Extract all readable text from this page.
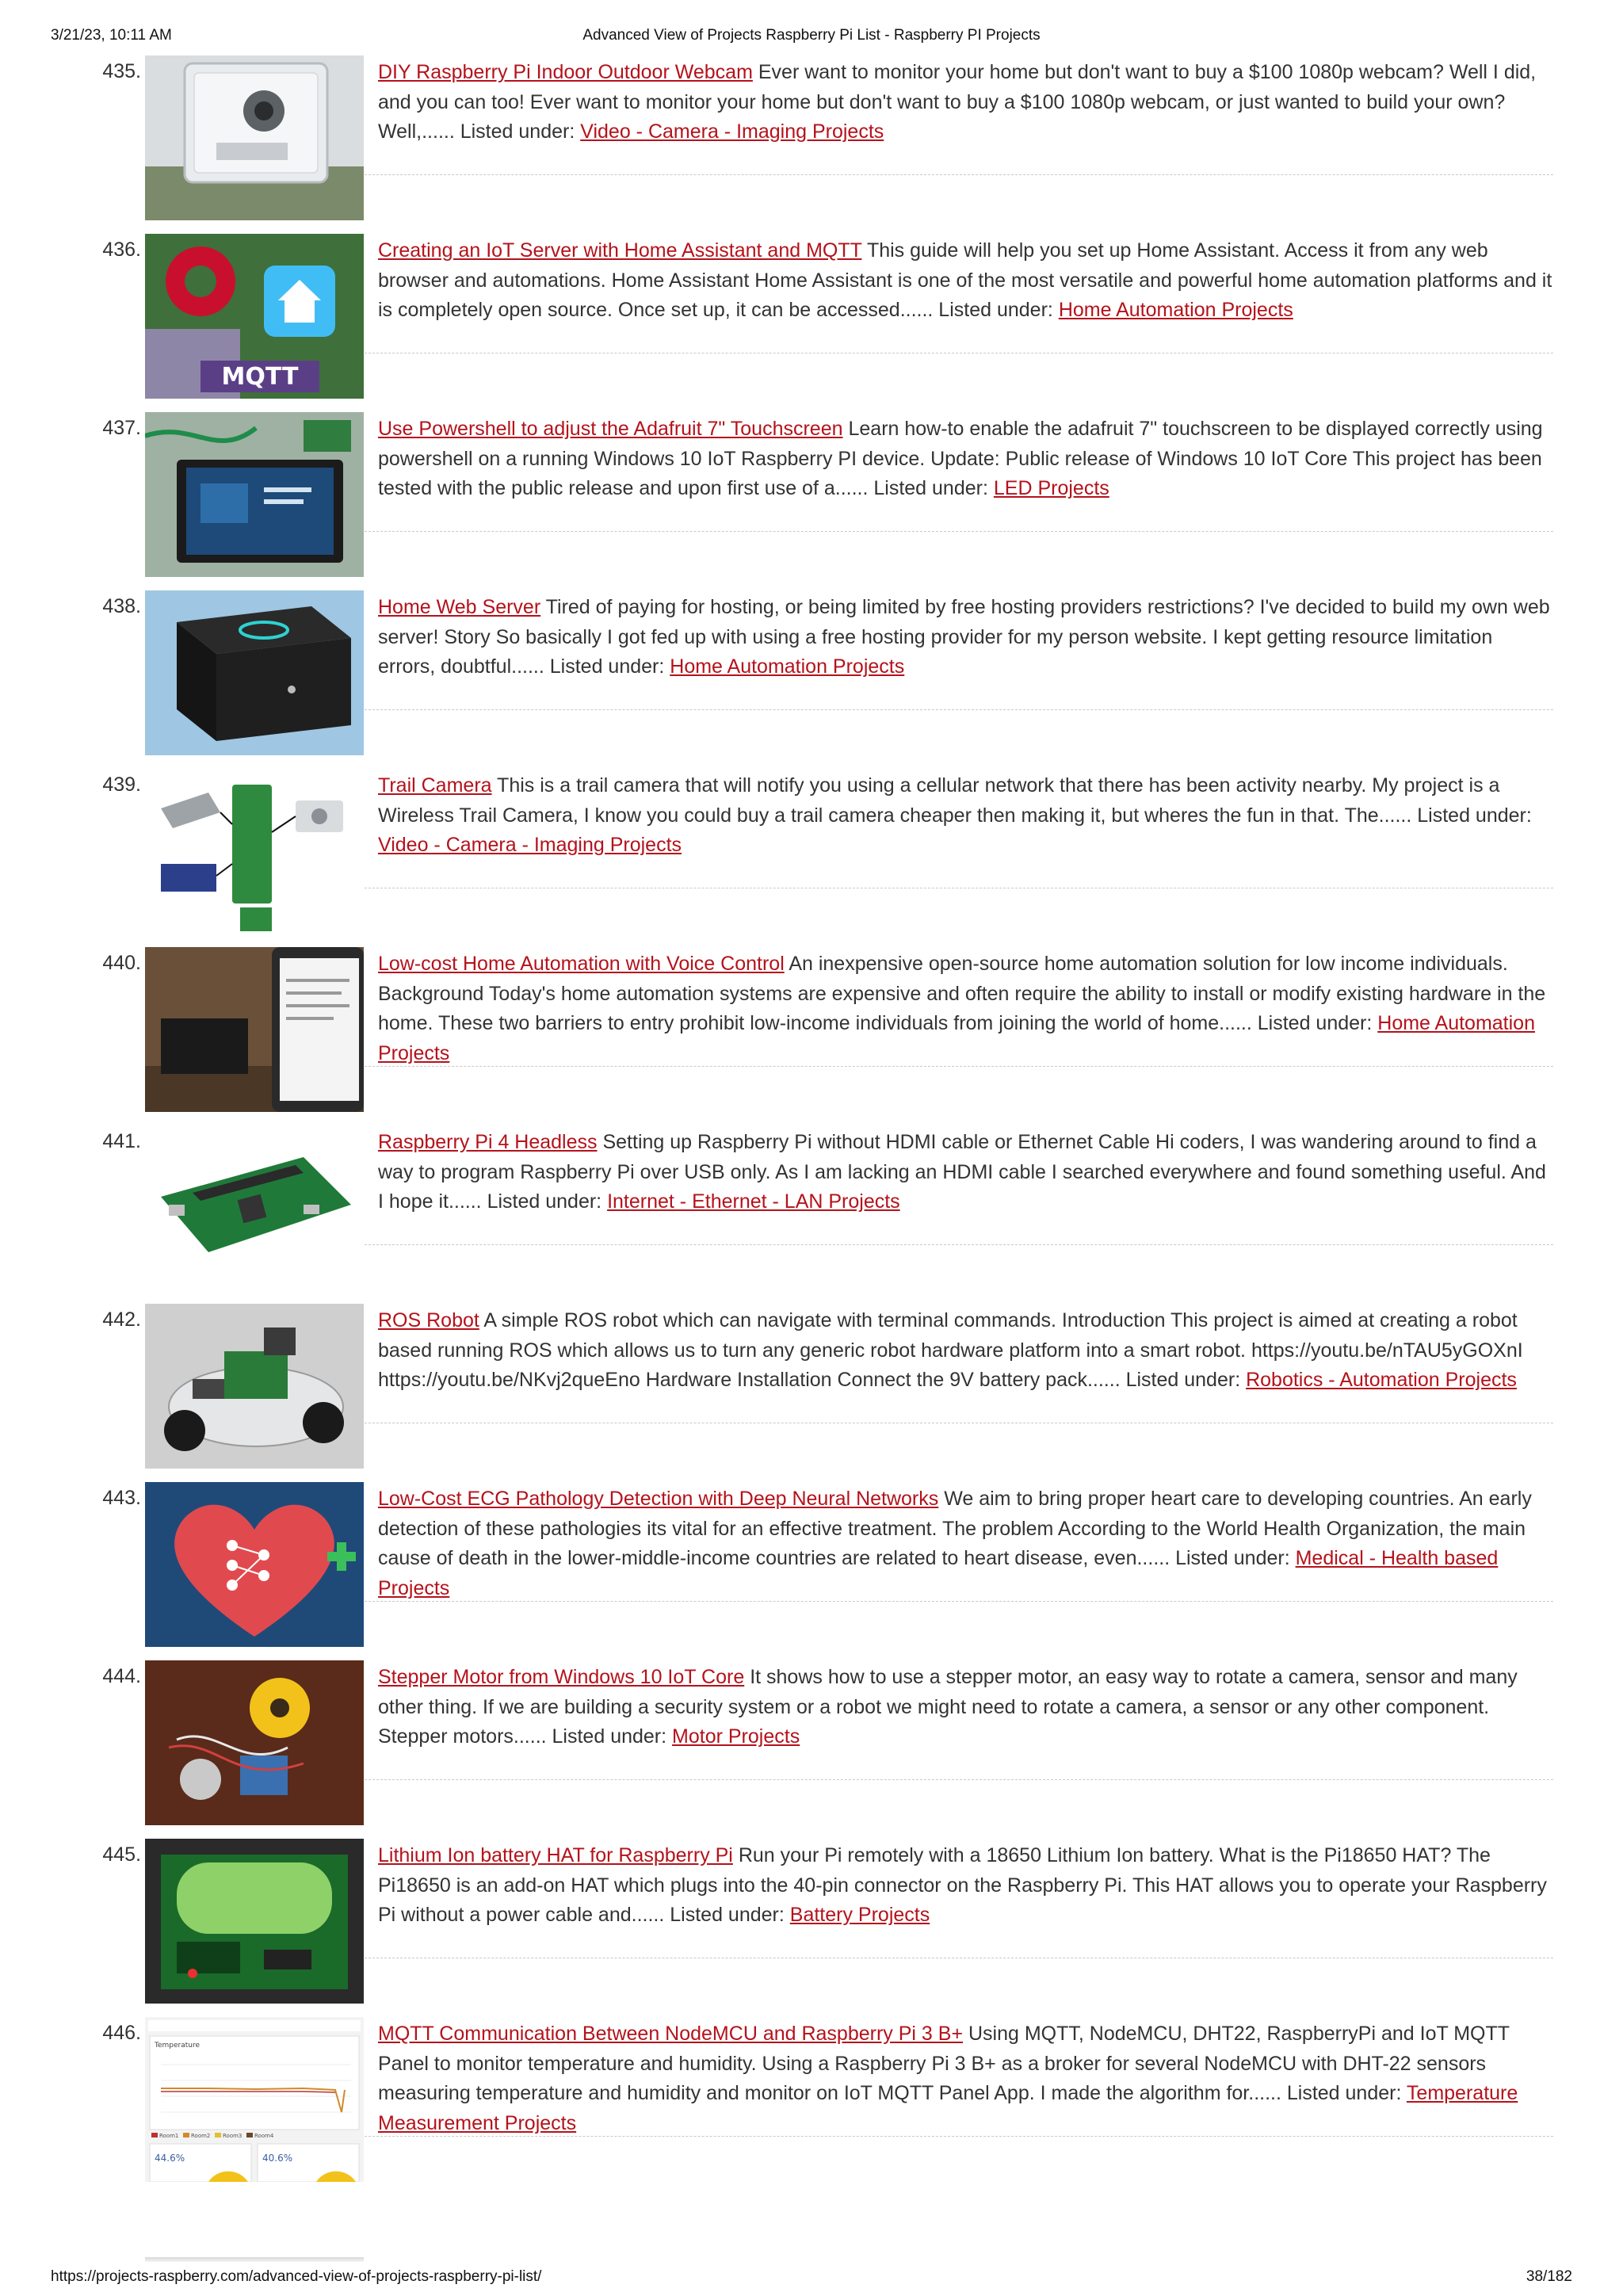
3/21/23, 10:11 AM	Advanced View of Projects Raspberry Pi List - Raspberry PI Projects
435.	DIY Raspberry Pi Indoor Outdoor Webcam Ever want to monitor your home but don't want to buy a $100 1080p webcam? Well I did, and you can too! Ever want to monitor your home but don't want to buy a $100 1080p webcam, or just wanted to build your own? Well,...... Listed under: Video - Camera - Imaging Projects
436.
MQTT
Creating an IoT Server with Home Assistant and MQTT This guide will help you set up Home Assistant. Access it from any web browser and automations. Home Assistant Home Assistant is one of the most versatile and powerful home automation platforms and it is completely open source. Once set up, it can be accessed...... Listed under: Home Automation Projects
437.	Use Powershell to adjust the Adafruit 7" Touchscreen Learn how-to enable the adafruit 7" touchscreen to be displayed correctly using powershell on a running Windows 10 IoT Raspberry PI device. Update: Public release of Windows 10 IoT Core This project has been tested with the public release and upon first use of a...... Listed under: LED Projects
438.	Home Web Server Tired of paying for hosting, or being limited by free hosting providers restrictions? I've decided to build my own web server! Story So basically I got fed up with using a free hosting provider for my person website. I kept getting resource limitation errors, doubtful...... Listed under: Home Automation Projects
439.	Trail Camera This is a trail camera that will notify you using a cellular network that there has been activity nearby. My project is a Wireless Trail Camera, I know you could buy a trail camera cheaper then making it, but wheres the fun in that. The...... Listed under: Video - Camera - Imaging Projects
440.	Low-cost Home Automation with Voice Control An inexpensive open-source home automation solution for low income individuals. Background Today's home automation systems are expensive and often require the ability to install or modify existing hardware in the home. These two barriers to entry prohibit low-income individuals from joining the world of home...... Listed under: Home Automation Projects
441.	Raspberry Pi 4 Headless Setting up Raspberry Pi without HDMI cable or Ethernet Cable Hi coders, I was wandering around to find a way to program Raspberry Pi over USB only. As I am lacking an HDMI cable I searched everywhere and found something useful. And I hope it...... Listed under: Internet - Ethernet - LAN Projects
442.	ROS Robot A simple ROS robot which can navigate with terminal commands. Introduction This project is aimed at creating a robot based running ROS which allows us to turn any generic robot hardware platform into a smart robot. https://youtu.be/nTAU5yGOXnI https://youtu.be/NKvj2queEno Hardware Installation Connect the 9V battery pack...... Listed under: Robotics - Automation Projects
443.	Low-Cost ECG Pathology Detection with Deep Neural Networks We aim to bring proper heart care to developing countries. An early detection of these pathologies its vital for an effective treatment. The problem According to the World Health Organization, the main cause of death in the lower-middle-income countries are related to heart disease, even...... Listed under: Medical - Health based Projects
444.	Stepper Motor from Windows 10 IoT Core It shows how to use a stepper motor, an easy way to rotate a camera, sensor and many other thing. If we are building a security system or a robot we might need to rotate a camera, a sensor or any other component. Stepper motors...... Listed under: Motor Projects
445.	Lithium Ion battery HAT for Raspberry Pi Run your Pi remotely with a 18650 Lithium Ion battery. What is the Pi18650 HAT? The Pi18650 is an add-on HAT which plugs into the 40-pin connector on the Raspberry Pi. This HAT allows you to operate your Raspberry Pi without a power cable and...... Listed under: Battery Projects
446.
Temperature
Room1 Room2 Room3 Room4
44.6%	40.6%
MQTT Communication Between NodeMCU and Raspberry Pi 3 B+ Using MQTT, NodeMCU, DHT22, RaspberryPi and IoT MQTT Panel to monitor temperature and humidity. Using a Raspberry Pi 3 B+ as a broker for several NodeMCU with DHT-22 sensors measuring temperature and humidity and monitor on IoT MQTT Panel App. I made the algorithm for...... Listed under: Temperature Measurement Projects
https://projects-raspberry.com/advanced-view-of-projects-raspberry-pi-list/	38/182
